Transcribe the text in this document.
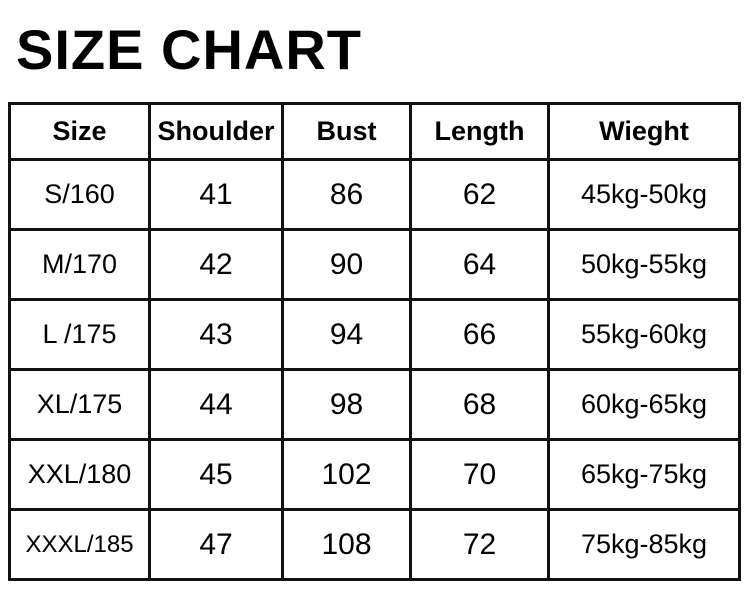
SIZE CHART
Size	Shoulder	Bust	Length	Wieght
S/160	41	86	62	45kg-50kg
M/170	42	90	64	50kg-55kg
L /175	43	94	66	55kg-60kg
XL/175	44	98	68	60kg-65kg
XXL/180	45	102	70	65kg-75kg
XXXL/185	47	108	72	75kg-85kg
